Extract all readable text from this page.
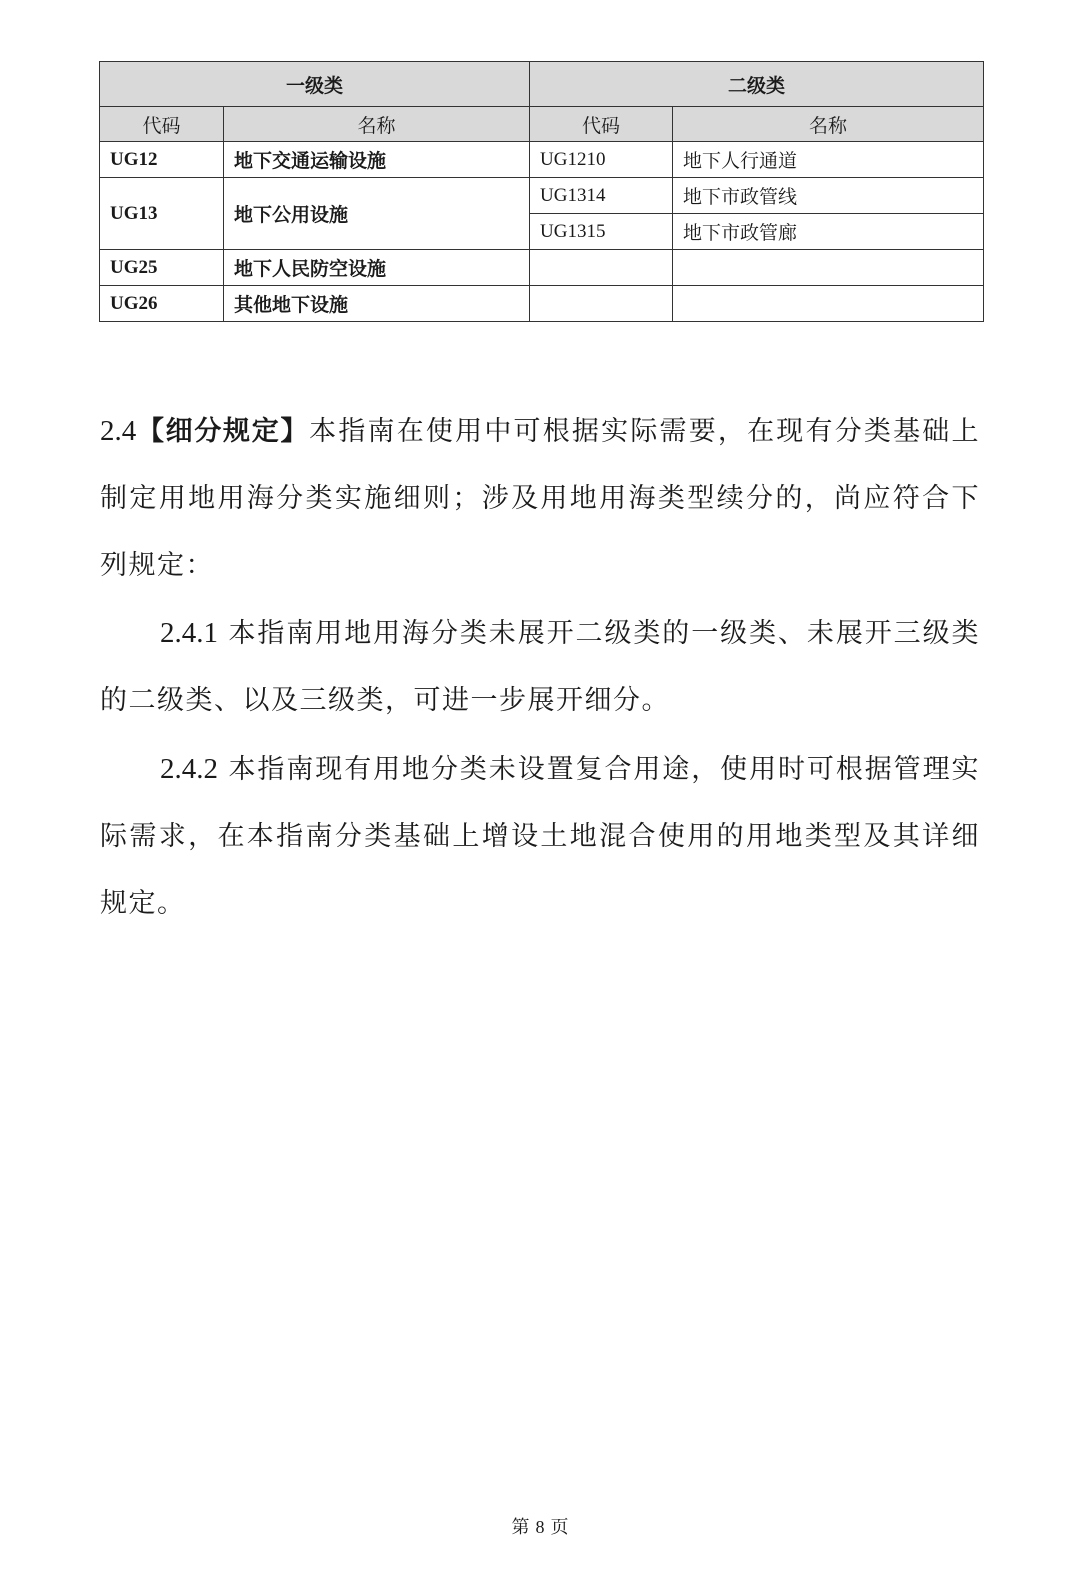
一级类		二级类	
代码	名称	代码	名称
UG12	地下交通运输设施	UG1210	地下人行通道
UG13	地下公用设施	UG1314	地下市政管线
		UG1315	地下市政管廊
UG25	地下人民防空设施		
UG26	其他地下设施		

2.4【细分规定】本指南在使用中可根据实际需要，在现有分类基础上制定用地用海分类实施细则；涉及用地用海类型续分的，尚应符合下列规定：

2.4.1 本指南用地用海分类未展开二级类的一级类、未展开三级类的二级类、以及三级类，可进一步展开细分。

2.4.2 本指南现有用地分类未设置复合用途，使用时可根据管理实际需求，在本指南分类基础上增设土地混合使用的用地类型及其详细规定。

第 8 页
